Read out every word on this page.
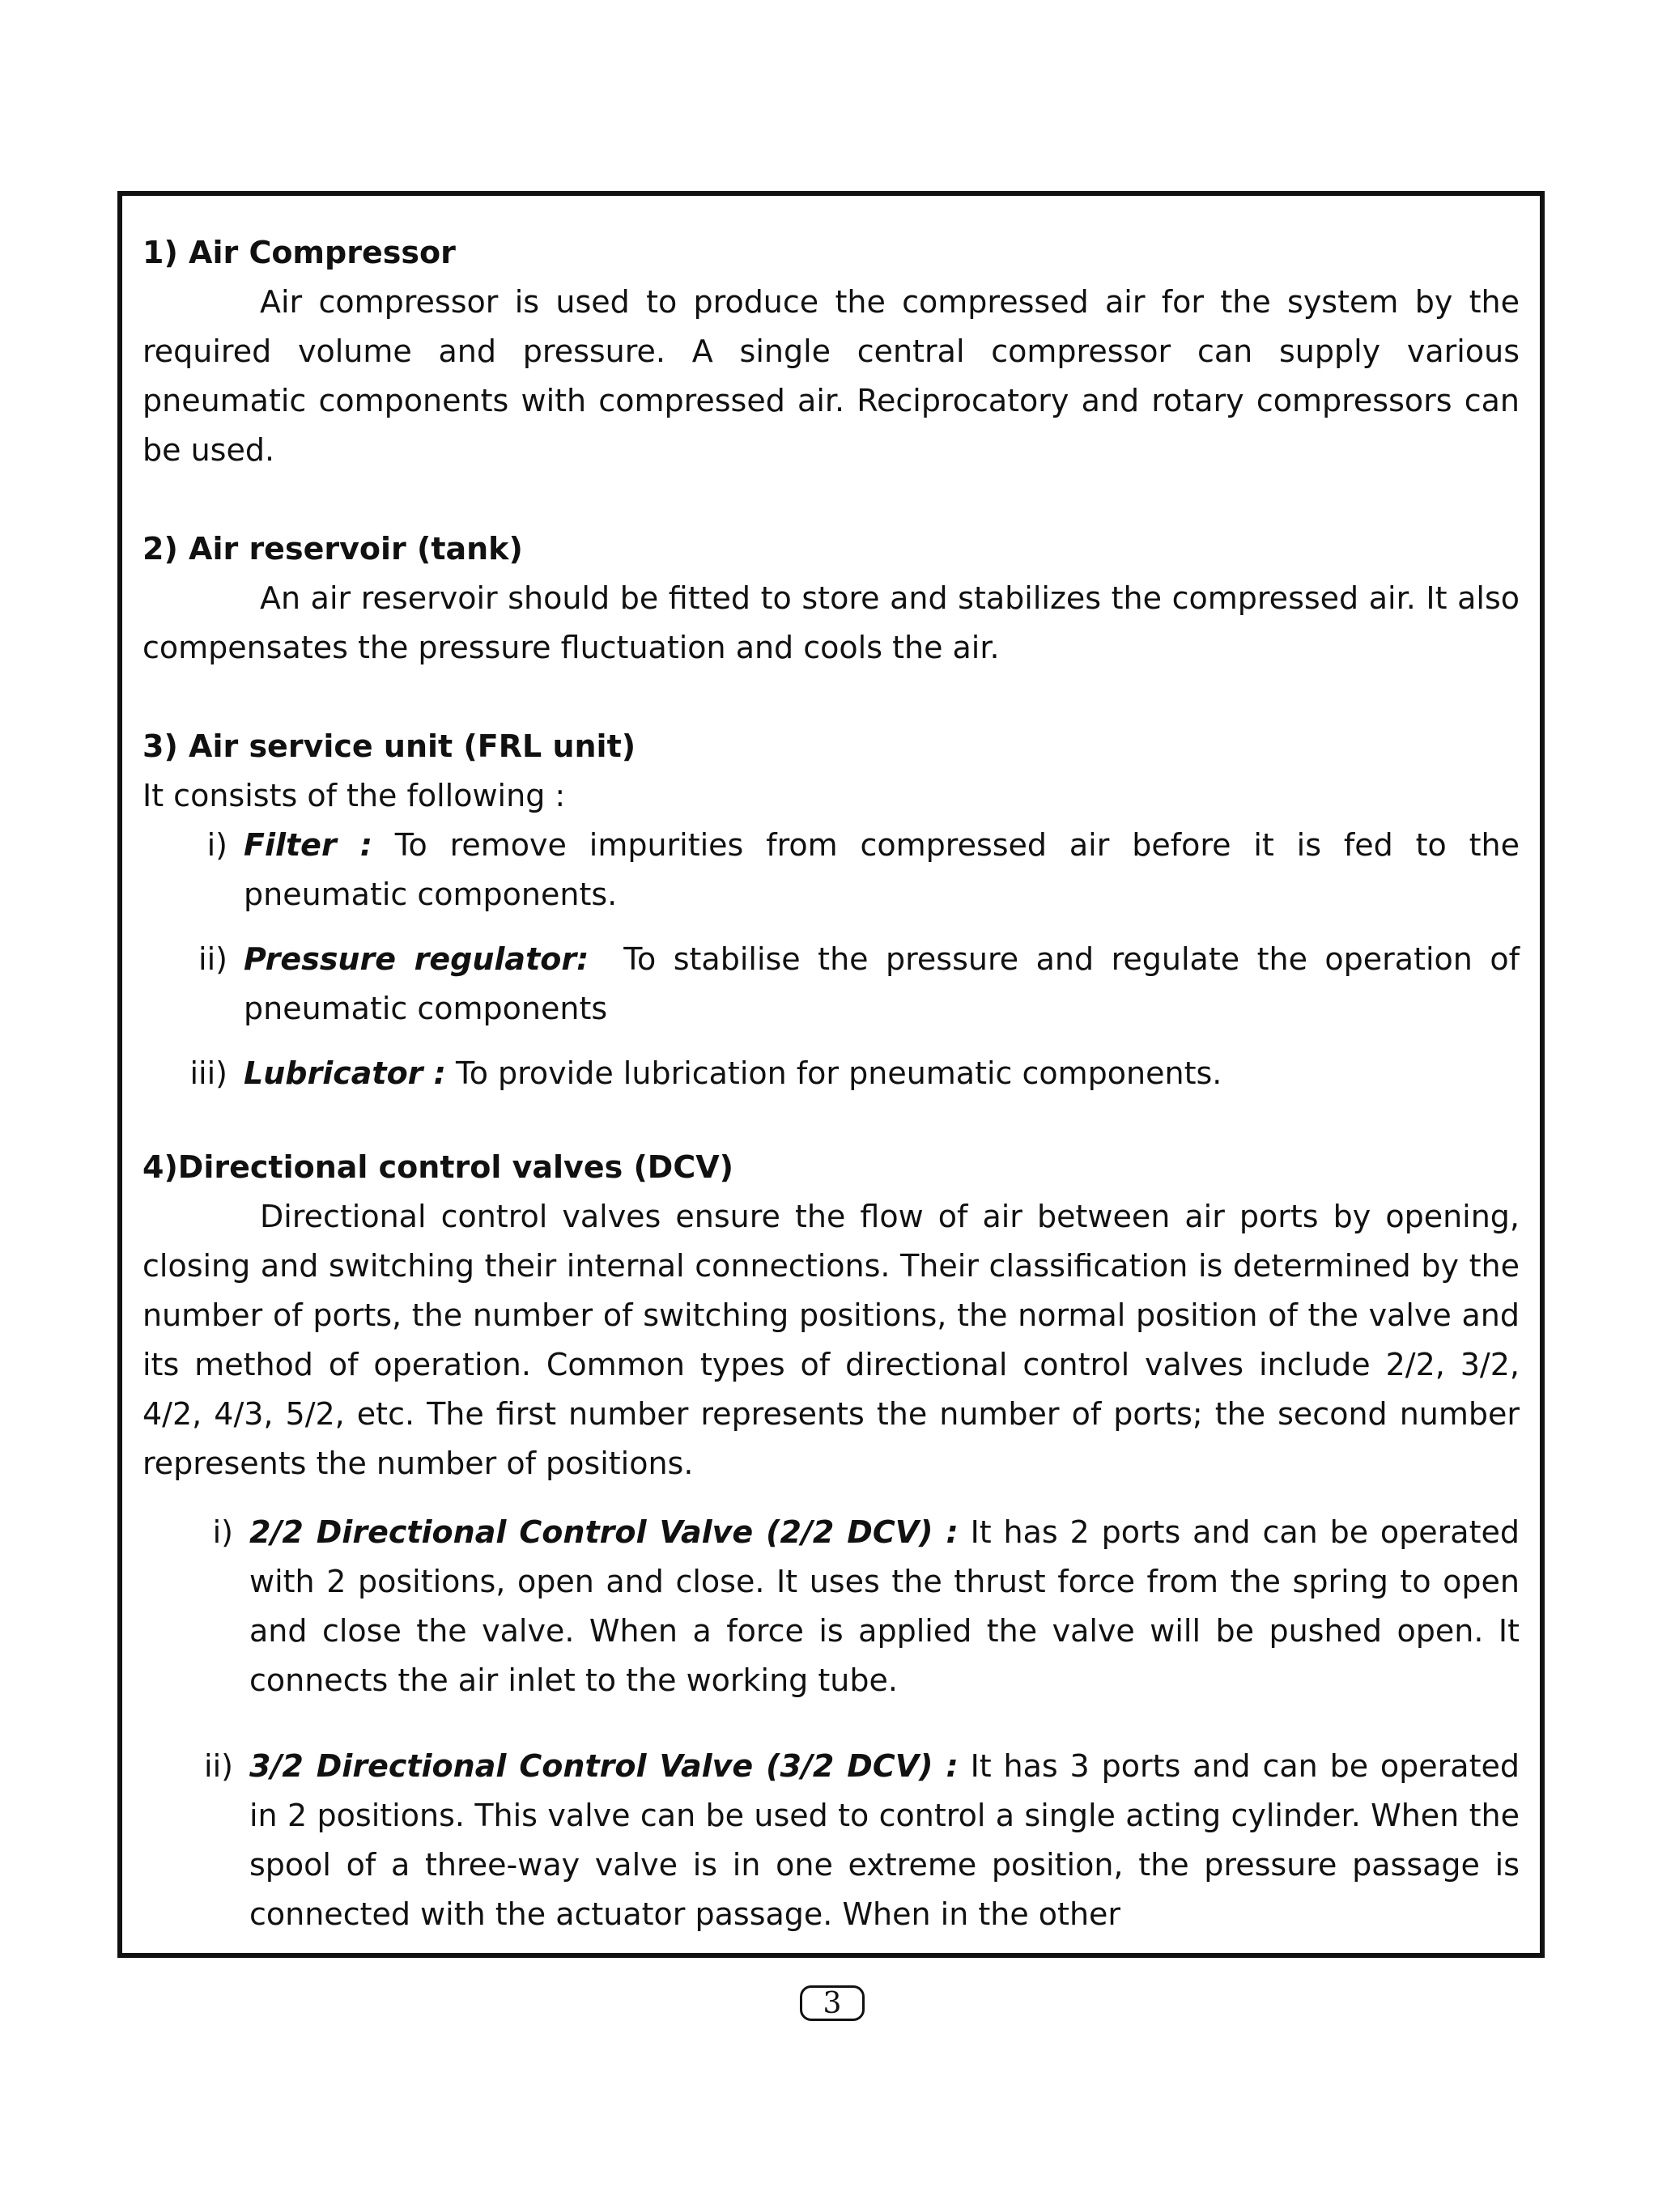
1) Air Compressor
Air compressor is used to produce the compressed air for the system by the required volume and pressure. A single central compressor can supply various pneumatic components with compressed air. Reciprocatory and rotary compressors can be used.
2) Air reservoir (tank)
An air reservoir should be fitted to store and stabilizes the compressed air. It also compensates the pressure fluctuation and cools the air.
3) Air service unit (FRL unit)
It consists of the following :
i) Filter : To remove impurities from compressed air before it is fed to the pneumatic components.
ii) Pressure regulator: To stabilise the pressure and regulate the operation of pneumatic components
iii) Lubricator : To provide lubrication for pneumatic components.
4)Directional control valves (DCV)
Directional control valves ensure the flow of air between air ports by opening, closing and switching their internal connections. Their classification is determined by the number of ports, the number of switching positions, the normal position of the valve and its method of operation. Common types of directional control valves include 2/2, 3/2, 4/2, 4/3, 5/2, etc. The first number represents the number of ports; the second number represents the number of positions.
i) 2/2 Directional Control Valve (2/2 DCV) : It has 2 ports and can be operated with 2 positions, open and close. It uses the thrust force from the spring to open and close the valve. When a force is applied the valve will be pushed open. It connects the air inlet to the working tube.
ii) 3/2 Directional Control Valve (3/2 DCV) : It has 3 ports and can be operated in 2 positions. This valve can be used to control a single acting cylinder. When the spool of a three-way valve is in one extreme position, the pressure passage is connected with the actuator passage. When in the other
3
